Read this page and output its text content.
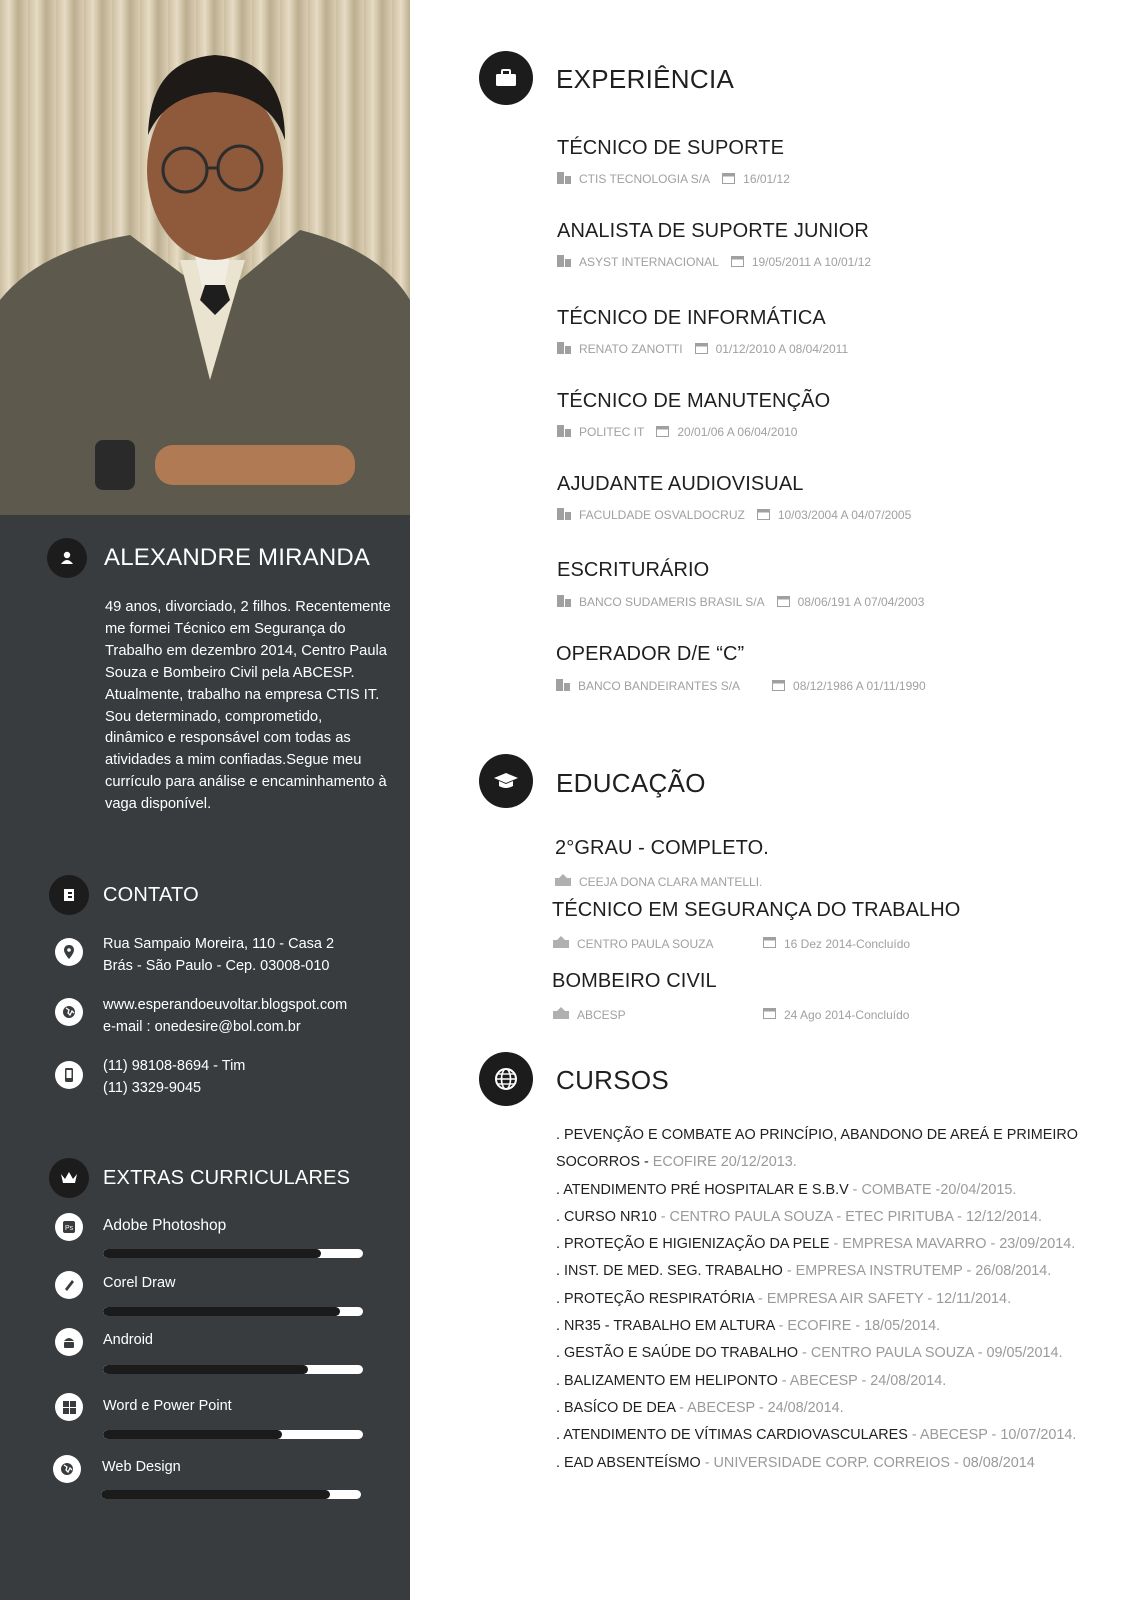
ALEXANDRE MIRANDA
49 anos, divorciado, 2 filhos. Recentemente
me formei Técnico em Segurança do
Trabalho em dezembro 2014, Centro Paula
Souza e Bombeiro Civil pela ABCESP.
Atualmente, trabalho na empresa CTIS IT.
Sou determinado, comprometido,
dinâmico e responsável com todas as
atividades a mim confiadas.Segue meu
currículo para análise e encaminhamento à
vaga disponível.
CONTATO
Rua Sampaio Moreira, 110 - Casa 2
Brás - São Paulo - Cep. 03008-010
www.esperandoeuvoltar.blogspot.com
e-mail : onedesire@bol.com.br
(11) 98108-8694 - Tim
(11) 3329-9045
EXTRAS CURRICULARES
Ps Adobe Photoshop
Corel Draw
Android
Word e Power Point
Web Design
EXPERIÊNCIA
TÉCNICO DE SUPORTE
CTIS TECNOLOGIA S/A	16/01/12
ANALISTA DE SUPORTE JUNIOR
ASYST INTERNACIONAL	19/05/2011 A 10/01/12
TÉCNICO DE INFORMÁTICA
RENATO ZANOTTI	01/12/2010 A 08/04/2011
TÉCNICO DE MANUTENÇÃO
POLITEC IT	20/01/06 A 06/04/2010
AJUDANTE AUDIOVISUAL
FACULDADE OSVALDOCRUZ	10/03/2004 A 04/07/2005
ESCRITURÁRIO
BANCO SUDAMERIS BRASIL S/A	08/06/191 A 07/04/2003
OPERADOR D/E “C”
BANCO BANDEIRANTES S/A	08/12/1986 A 01/11/1990
EDUCAÇÃO
2°GRAU - COMPLETO.
CEEJA DONA CLARA MANTELLI.
TÉCNICO EM SEGURANÇA DO TRABALHO
CENTRO PAULA SOUZA	16 Dez 2014-Concluído
BOMBEIRO CIVIL
ABCESP	24 Ago 2014-Concluído
CURSOS
. PEVENÇÃO E COMBATE AO PRINCÍPIO, ABANDONO DE AREÁ E PRIMEIRO SOCORROS - ECOFIRE 20/12/2013.
. ATENDIMENTO PRÉ HOSPITALAR E S.B.V - COMBATE -20/04/2015.
. CURSO NR10 - CENTRO PAULA SOUZA - ETEC PIRITUBA - 12/12/2014.
. PROTEÇÃO E HIGIENIZAÇÃO DA PELE - EMPRESA MAVARRO - 23/09/2014.
. INST. DE MED. SEG. TRABALHO - EMPRESA INSTRUTEMP - 26/08/2014.
. PROTEÇÃO RESPIRATÓRIA - EMPRESA AIR SAFETY - 12/11/2014.
. NR35 - TRABALHO EM ALTURA - ECOFIRE - 18/05/2014.
. GESTÃO E SAÚDE DO TRABALHO - CENTRO PAULA SOUZA - 09/05/2014.
. BALIZAMENTO EM HELIPONTO - ABECESP - 24/08/2014.
. BASÍCO DE DEA - ABECESP - 24/08/2014.
. ATENDIMENTO DE VÍTIMAS CARDIOVASCULARES - ABECESP - 10/07/2014.
. EAD ABSENTEÍSMO - UNIVERSIDADE CORP. CORREIOS - 08/08/2014
